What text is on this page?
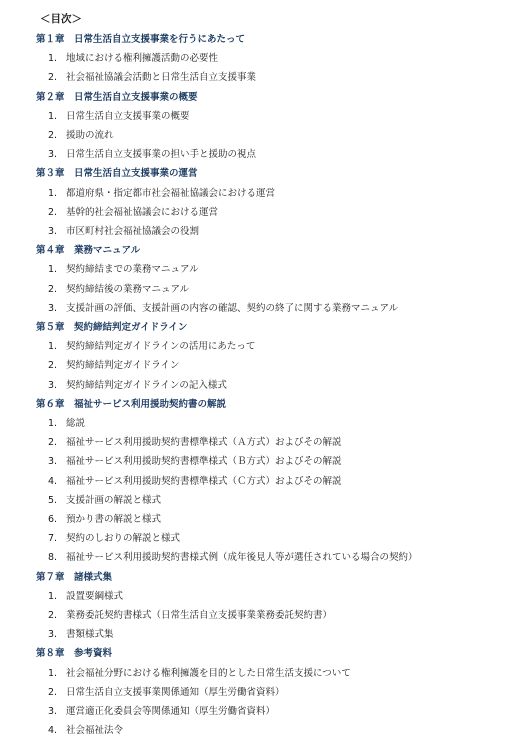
＜目次＞
第１章 日常生活自立支援事業を行うにあたって
1. 地域における権利擁護活動の必要性
2. 社会福祉協議会活動と日常生活自立支援事業
第２章 日常生活自立支援事業の概要
1. 日常生活自立支援事業の概要
2. 援助の流れ
3. 日常生活自立支援事業の担い手と援助の視点
第３章 日常生活自立支援事業の運営
1. 都道府県・指定都市社会福祉協議会における運営
2. 基幹的社会福祉協議会における運営
3. 市区町村社会福祉協議会の役割
第４章 業務マニュアル
1. 契約締結までの業務マニュアル
2. 契約締結後の業務マニュアル
3. 支援計画の評価、支援計画の内容の確認、契約の終了に関する業務マニュアル
第５章 契約締結判定ガイドライン
1. 契約締結判定ガイドラインの活用にあたって
2. 契約締結判定ガイドライン
3. 契約締結判定ガイドラインの記入様式
第６章 福祉サービス利用援助契約書の解説
1. 総説
2. 福祉サービス利用援助契約書標準様式（Ａ方式）およびその解説
3. 福祉サービス利用援助契約書標準様式（Ｂ方式）およびその解説
4. 福祉サービス利用援助契約書標準様式（Ｃ方式）およびその解説
5. 支援計画の解説と様式
6. 預かり書の解説と様式
7. 契約のしおりの解説と様式
8. 福祉サービス利用援助契約書様式例（成年後見人等が選任されている場合の契約）
第７章 諸様式集
1. 設置要綱様式
2. 業務委託契約書様式（日常生活自立支援事業業務委託契約書）
3. 書類様式集
第８章 参考資料
1. 社会福祉分野における権利擁護を目的とした日常生活支援について
2. 日常生活自立支援事業関係通知（厚生労働省資料）
3. 運営適正化委員会等関係通知（厚生労働省資料）
4. 社会福祉法令
